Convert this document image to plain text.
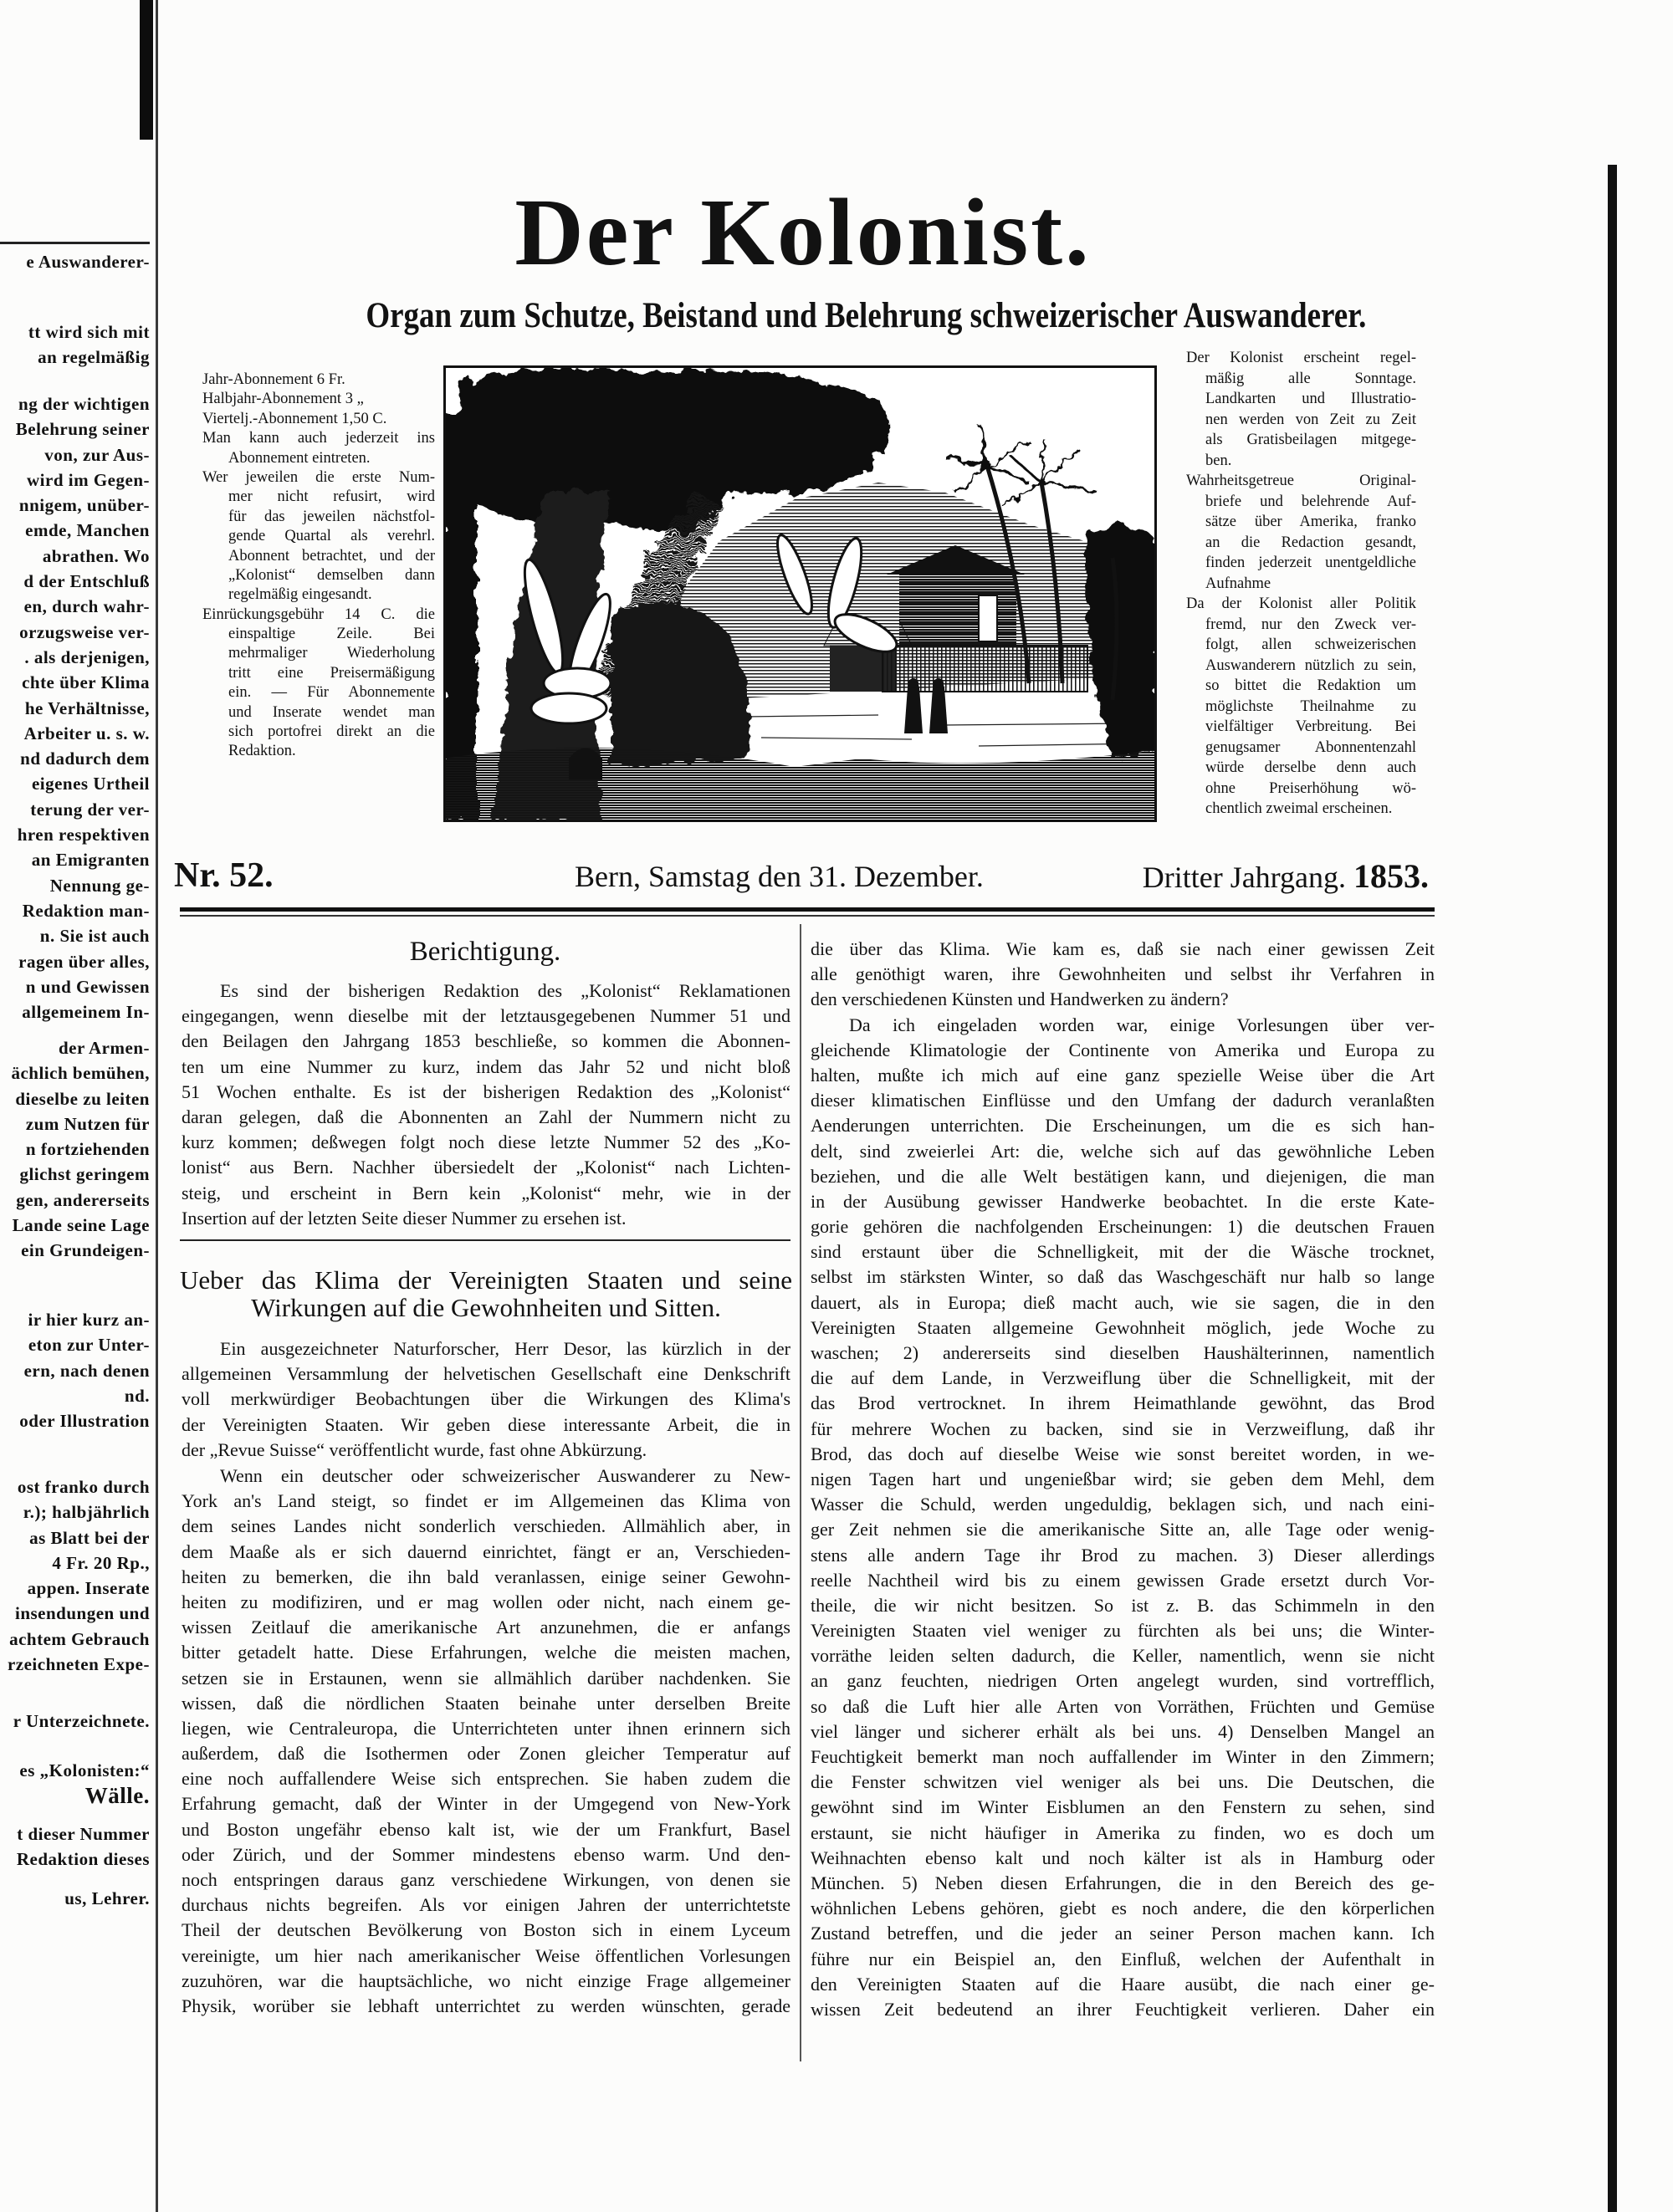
e Auswanderer-
tt wird sich mit
an regelmäßig
ng der wichtigen
Belehrung seiner
von, zur Aus-
wird im Gegen-
nnigem, unüber-
emde, Manchen
abrathen. Wo
d der Entschluß
en, durch wahr-
orzugsweise ver-
. als derjenigen,
chte über Klima
he Verhältnisse,
Arbeiter u. s. w.
nd dadurch dem
eigenes Urtheil
terung der ver-
hren respektiven
an Emigranten
Nennung ge-
Redaktion man-
n. Sie ist auch
ragen über alles,
n und Gewissen
allgemeinem In-
der Armen-
ächlich bemühen,
dieselbe zu leiten
zum Nutzen für
n fortziehenden
glichst geringem
gen, andererseits
Lande seine Lage
ein Grundeigen-
ir hier kurz an-
eton zur Unter-
ern, nach denen
nd.
oder Illustration
ost franko durch
r.); halbjährlich
as Blatt bei der
4 Fr. 20 Rp.,
appen. Inserate
insendungen und
achtem Gebrauch
rzeichneten Expe-
r Unterzeichnete.
es „Kolonisten:“
Wälle.
t dieser Nummer
Redaktion dieses
us, Lehrer.
Der Kolonist.
Organ zum Schutze, Beistand und Belehrung schweizerischer Auswanderer.
Jahr-Abonnement 6 Fr.
Halbjahr-Abonnement 3 „
Viertelj.-Abonnement 1,50 C.
Man kann auch jederzeit ins
Abonnement eintreten.
Wer jeweilen die erste Num-
mer nicht refusirt, wird
für das jeweilen nächstfol-
gende Quartal als verehrl.
Abonnent betrachtet, und der
„Kolonist“ demselben dann
regelmäßig eingesandt.
Einrückungsgebühr 14 C. die
einspaltige Zeile. Bei
mehrmaliger Wiederholung
tritt eine Preisermäßigung
ein. — Für Abonnemente
und Inserate wendet man
sich portofrei direkt an die
Redaktion.
Der Kolonist erscheint regel-
mäßig alle Sonntage.
Landkarten und Illustratio-
nen werden von Zeit zu Zeit
als Gratisbeilagen mitgege-
ben.
Wahrheitsgetreue Original-
briefe und belehrende Auf-
sätze über Amerika, franko
an die Redaction gesandt,
finden jederzeit unentgeldliche
Aufnahme
Da der Kolonist aller Politik
fremd, nur den Zweck ver-
folgt, allen schweizerischen
Auswanderern nützlich zu sein,
so bittet die Redaktion um
möglichste Theilnahme zu
vielfältiger Verbreitung. Bei
genugsamer Abonnentenzahl
würde derselbe denn auch
ohne Preiserhöhung wö-
chentlich zweimal erscheinen.
Nr. 52.	Bern, Samstag den 31. Dezember.	Dritter Jahrgang. 1853.
Berichtigung.
Es sind der bisherigen Redaktion des „Kolonist“ Reklamationen
eingegangen, wenn dieselbe mit der letztausgegebenen Nummer 51 und
den Beilagen den Jahrgang 1853 beschließe, so kommen die Abonnen-
ten um eine Nummer zu kurz, indem das Jahr 52 und nicht bloß
51 Wochen enthalte. Es ist der bisherigen Redaktion des „Kolonist“
daran gelegen, daß die Abonnenten an Zahl der Nummern nicht zu
kurz kommen; deßwegen folgt noch diese letzte Nummer 52 des „Ko-
lonist“ aus Bern. Nachher übersiedelt der „Kolonist“ nach Lichten-
steig, und erscheint in Bern kein „Kolonist“ mehr, wie in der
Insertion auf der letzten Seite dieser Nummer zu ersehen ist.
Ueber das Klima der Vereinigten Staaten und seine
Wirkungen auf die Gewohnheiten und Sitten.
Ein ausgezeichneter Naturforscher, Herr Desor, las kürzlich in der
allgemeinen Versammlung der helvetischen Gesellschaft eine Denkschrift
voll merkwürdiger Beobachtungen über die Wirkungen des Klima's
der Vereinigten Staaten. Wir geben diese interessante Arbeit, die in
der „Revue Suisse“ veröffentlicht wurde, fast ohne Abkürzung.
Wenn ein deutscher oder schweizerischer Auswanderer zu New-
York an's Land steigt, so findet er im Allgemeinen das Klima von
dem seines Landes nicht sonderlich verschieden. Allmählich aber, in
dem Maaße als er sich dauernd einrichtet, fängt er an, Verschieden-
heiten zu bemerken, die ihn bald veranlassen, einige seiner Gewohn-
heiten zu modifiziren, und er mag wollen oder nicht, nach einem ge-
wissen Zeitlauf die amerikanische Art anzunehmen, die er anfangs
bitter getadelt hatte. Diese Erfahrungen, welche die meisten machen,
setzen sie in Erstaunen, wenn sie allmählich darüber nachdenken. Sie
wissen, daß die nördlichen Staaten beinahe unter derselben Breite
liegen, wie Centraleuropa, die Unterrichteten unter ihnen erinnern sich
außerdem, daß die Isothermen oder Zonen gleicher Temperatur auf
eine noch auffallendere Weise sich entsprechen. Sie haben zudem die
Erfahrung gemacht, daß der Winter in der Umgegend von New-York
und Boston ungefähr ebenso kalt ist, wie der um Frankfurt, Basel
oder Zürich, und der Sommer mindestens ebenso warm. Und den-
noch entspringen daraus ganz verschiedene Wirkungen, von denen sie
durchaus nichts begreifen. Als vor einigen Jahren der unterrichtetste
Theil der deutschen Bevölkerung von Boston sich in einem Lyceum
vereinigte, um hier nach amerikanischer Weise öffentlichen Vorlesungen
zuzuhören, war die hauptsächliche, wo nicht einzige Frage allgemeiner
Physik, worüber sie lebhaft unterrichtet zu werden wünschten, gerade
die über das Klima. Wie kam es, daß sie nach einer gewissen Zeit
alle genöthigt waren, ihre Gewohnheiten und selbst ihr Verfahren in
den verschiedenen Künsten und Handwerken zu ändern?
Da ich eingeladen worden war, einige Vorlesungen über ver-
gleichende Klimatologie der Continente von Amerika und Europa zu
halten, mußte ich mich auf eine ganz spezielle Weise über die Art
dieser klimatischen Einflüsse und den Umfang der dadurch veranlaßten
Aenderungen unterrichten. Die Erscheinungen, um die es sich han-
delt, sind zweierlei Art: die, welche sich auf das gewöhnliche Leben
beziehen, und die alle Welt bestätigen kann, und diejenigen, die man
in der Ausübung gewisser Handwerke beobachtet. In die erste Kate-
gorie gehören die nachfolgenden Erscheinungen: 1) die deutschen Frauen
sind erstaunt über die Schnelligkeit, mit der die Wäsche trocknet,
selbst im stärksten Winter, so daß das Waschgeschäft nur halb so lange
dauert, als in Europa; dieß macht auch, wie sie sagen, die in den
Vereinigten Staaten allgemeine Gewohnheit möglich, jede Woche zu
waschen; 2) andererseits sind dieselben Haushälterinnen, namentlich
die auf dem Lande, in Verzweiflung über die Schnelligkeit, mit der
das Brod vertrocknet. In ihrem Heimathlande gewöhnt, das Brod
für mehrere Wochen zu backen, sind sie in Verzweiflung, daß ihr
Brod, das doch auf dieselbe Weise wie sonst bereitet worden, in we-
nigen Tagen hart und ungenießbar wird; sie geben dem Mehl, dem
Wasser die Schuld, werden ungeduldig, beklagen sich, und nach eini-
ger Zeit nehmen sie die amerikanische Sitte an, alle Tage oder wenig-
stens alle andern Tage ihr Brod zu machen. 3) Dieser allerdings
reelle Nachtheil wird bis zu einem gewissen Grade ersetzt durch Vor-
theile, die wir nicht besitzen. So ist z. B. das Schimmeln in den
Vereinigten Staaten viel weniger zu fürchten als bei uns; die Winter-
vorräthe leiden selten dadurch, die Keller, namentlich, wenn sie nicht
an ganz feuchten, niedrigen Orten angelegt wurden, sind vortrefflich,
so daß die Luft hier alle Arten von Vorräthen, Früchten und Gemüse
viel länger und sicherer erhält als bei uns. 4) Denselben Mangel an
Feuchtigkeit bemerkt man noch auffallender im Winter in den Zimmern;
die Fenster schwitzen viel weniger als bei uns. Die Deutschen, die
gewöhnt sind im Winter Eisblumen an den Fenstern zu sehen, sind
erstaunt, sie nicht häufiger in Amerika zu finden, wo es doch um
Weihnachten ebenso kalt und noch kälter ist als in Hamburg oder
München. 5) Neben diesen Erfahrungen, die in den Bereich des ge-
wöhnlichen Lebens gehören, giebt es noch andere, die den körperlichen
Zustand betreffen, und die jeder an seiner Person machen kann. Ich
führe nur ein Beispiel an, den Einfluß, welchen der Aufenthalt in
den Vereinigten Staaten auf die Haare ausübt, die nach einer ge-
wissen Zeit bedeutend an ihrer Feuchtigkeit verlieren. Daher ein
